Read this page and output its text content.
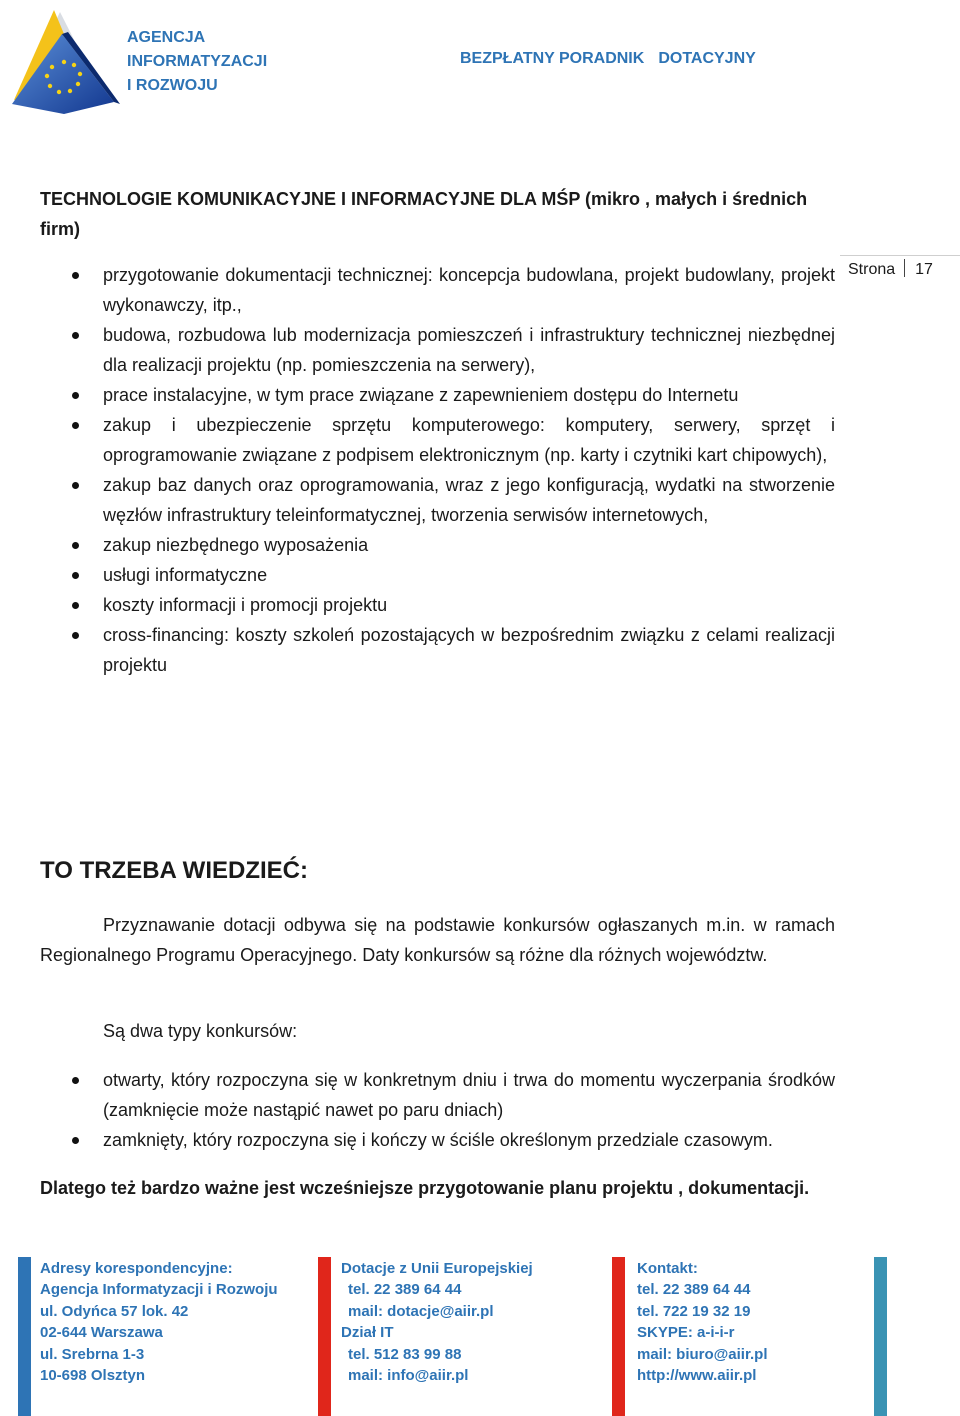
AGENCJA
INFORMATYZACJI
I ROZWOJU
BEZPŁATNY PORADNIK DOTACYJNY
Strona 17
TECHNOLOGIE KOMUNIKACYJNE I INFORMACYJNE DLA MŚP (mikro , małych i średnich firm)
przygotowanie dokumentacji technicznej: koncepcja budowlana, projekt budowlany, projekt wykonawczy, itp.,
budowa, rozbudowa lub modernizacja pomieszczeń i infrastruktury technicznej niezbędnej dla realizacji projektu (np. pomieszczenia na serwery),
prace instalacyjne, w tym prace związane z zapewnieniem dostępu do Internetu
zakup i ubezpieczenie sprzętu komputerowego: komputery, serwery, sprzęt i oprogramowanie związane z podpisem elektronicznym (np. karty i czytniki kart chipowych),
zakup baz danych oraz oprogramowania, wraz z jego konfiguracją, wydatki na stworzenie węzłów infrastruktury teleinformatycznej, tworzenia serwisów internetowych,
zakup niezbędnego wyposażenia
usługi informatyczne
koszty informacji i promocji projektu
cross-financing: koszty szkoleń pozostających w bezpośrednim związku z celami realizacji projektu
TO TRZEBA WIEDZIEĆ:
Przyznawanie dotacji odbywa się na podstawie konkursów ogłaszanych m.in. w ramach Regionalnego Programu Operacyjnego. Daty konkursów są różne dla różnych województw.
Są dwa typy konkursów:
otwarty, który rozpoczyna się w konkretnym dniu i trwa do momentu wyczerpania środków (zamknięcie może nastąpić nawet po paru dniach)
zamknięty, który rozpoczyna się i kończy w ściśle określonym przedziale czasowym.
Dlatego też bardzo ważne jest wcześniejsze przygotowanie planu projektu , dokumentacji.
Adresy korespondencyjne:
Agencja Informatyzacji i Rozwoju
ul. Odyńca 57 lok. 42
02-644 Warszawa
ul. Srebrna 1-3
10-698 Olsztyn
Dotacje z Unii Europejskiej
tel. 22 389 64 44
mail: dotacje@aiir.pl
Dział IT
tel. 512 83 99 88
mail: info@aiir.pl
Kontakt:
tel. 22 389 64 44
tel. 722 19 32 19
SKYPE: a-i-i-r
mail: biuro@aiir.pl
http://www.aiir.pl
